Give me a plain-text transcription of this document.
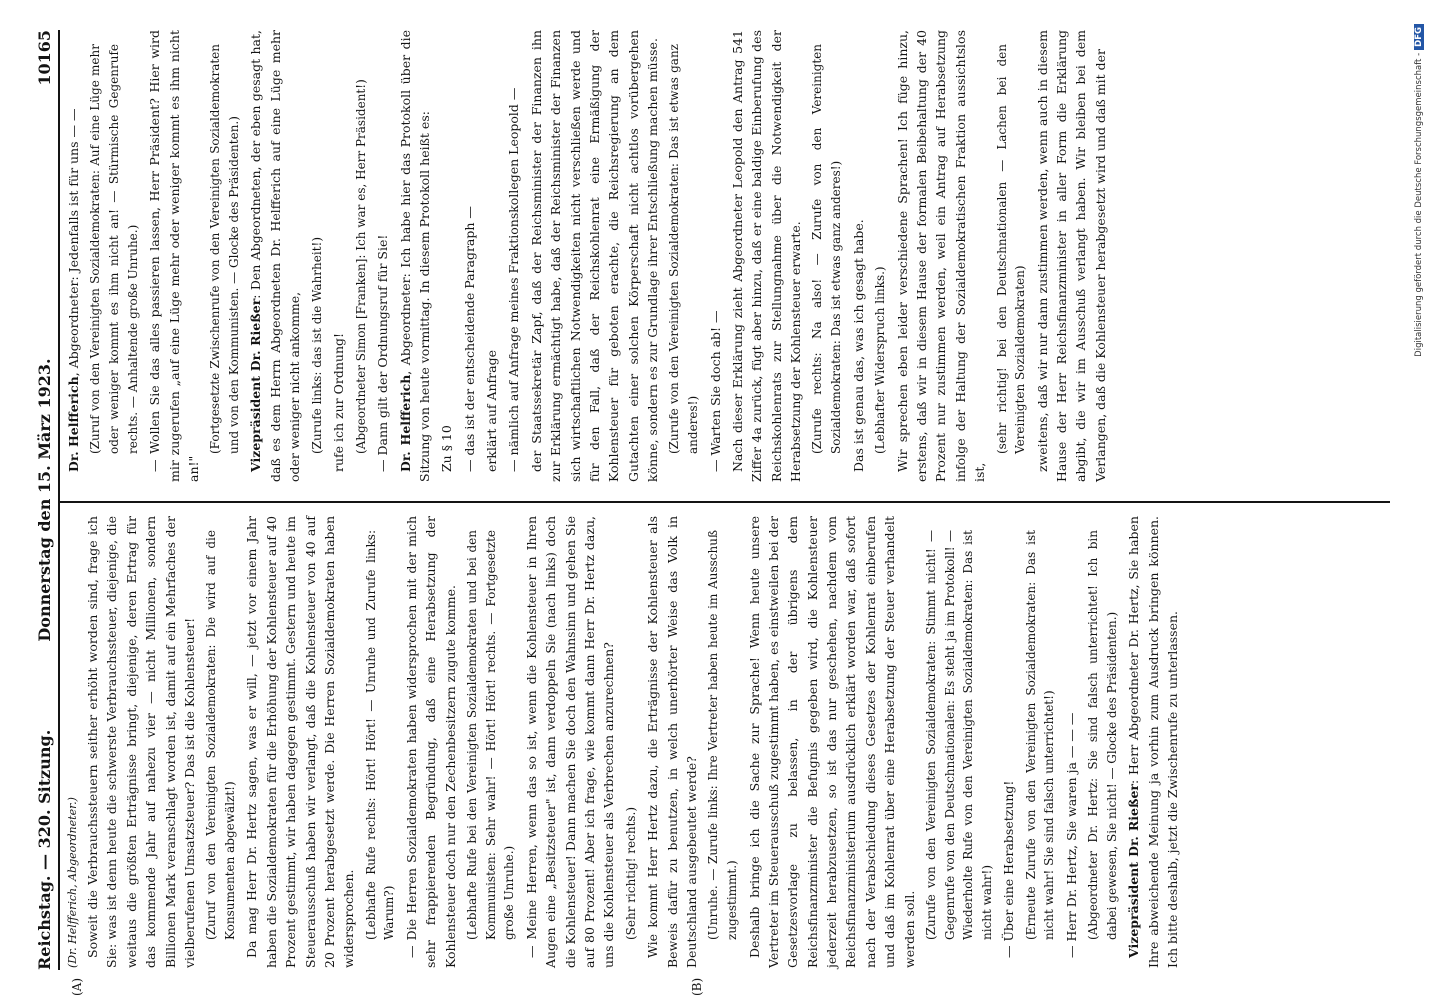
Reichstag. — 320. Sitzung.
Donnerstag den 15. März 1923.
10165
(A)	(B)
(Dr. Helfferich, Abgeordneter.) Soweit die Verbrauchssteuern seither erhöht worden sind, frage ich Sie: was ist denn heute die schwerste Verbrauchssteuer, diejenige, die weitaus die größten Erträgnisse bringt, diejenige, deren Ertrag für das kommende Jahr auf nahezu vier — nicht Millionen, sondern Billionen Mark veranschlagt worden ist, damit auf ein Mehrfaches der vielberufenen Umsatzsteuer? Das ist die Kohlensteuer! (Zuruf von den Vereinigten Sozialdemokraten: Die wird auf die Konsumenten abgewälzt!) Da mag Herr Dr. Hertz sagen, was er will, — jetzt vor einem Jahr haben die Sozialdemokraten für die Erhöhung der Kohlensteuer auf 40 Prozent gestimmt, wir haben dagegen gestimmt. Gestern und heute im Steuerausschuß haben wir verlangt, daß die Kohlensteuer von 40 auf 20 Prozent herabgesetzt werde. Die Herren Sozialdemokraten haben widersprochen. (Lebhafte Rufe rechts: Hört! Hört! — Unruhe und Zurufe links: Warum?) — Die Herren Sozialdemokraten haben widersprochen mit der mich sehr frappierenden Begründung, daß eine Herabsetzung der Kohlensteuer doch nur den Zechenbesitzern zugute komme. (Lebhafte Rufe bei den Vereinigten Sozialdemokraten und bei den Kommunisten: Sehr wahr! — Hört! Hört! rechts. — Fortgesetzte große Unruhe.) — Meine Herren, wenn das so ist, wenn die Kohlensteuer in Ihren Augen eine „Besitzsteuer" ist, dann verdoppeln Sie (nach links) doch die Kohlensteuer! Dann machen Sie doch den Wahnsinn und gehen Sie auf 80 Prozent! Aber ich frage, wie kommt dann Herr Dr. Hertz dazu, uns die Kohlensteuer als Verbrechen anzurechnen? (Sehr richtig! rechts.) Wie kommt Herr Hertz dazu, die Erträgnisse der Kohlensteuer als Beweis dafür zu benutzen, in welch unerhörter Weise das Volk in Deutschland ausgebeutet werde? (Unruhe. — Zurufe links: Ihre Vertreter haben heute im Ausschuß zugestimmt.) Deshalb bringe ich die Sache zur Sprache! Wenn heute unsere Vertreter im Steuerausschuß zugestimmt haben, es einstweilen bei der Gesetzesvorlage zu belassen, in der übrigens dem Reichsfinanzminister die Befugnis gegeben wird, die Kohlensteuer jederzeit herabzusetzen, so ist das nur geschehen, nachdem vom Reichsfinanzministerium ausdrücklich erklärt worden war, daß sofort nach der Verabschiedung dieses Gesetzes der Kohlenrat einberufen und daß im Kohlenrat über eine Herabsetzung der Steuer verhandelt werden soll. (Zurufe von den Vereinigten Sozialdemokraten: Stimmt nicht! — Gegenrufe von den Deutschnationalen: Es steht ja im Protokoll! — Wiederholte Rufe von den Vereinigten Sozialdemokraten: Das ist nicht wahr!) — Über eine Herabsetzung! (Erneute Zurufe von den Vereinigten Sozialdemokraten: Das ist nicht wahr! Sie sind falsch unterrichtet!) — Herr Dr. Hertz, Sie waren ja — — — (Abgeordneter Dr. Hertz: Sie sind falsch unterrichtet! Ich bin dabei gewesen, Sie nicht! — Glocke des Präsidenten.) Vizepräsident Dr. Rießer: Herr Abgeordneter Dr. Hertz, Sie haben Ihre abweichende Meinung ja vorhin zum Ausdruck bringen können. Ich bitte deshalb, jetzt die Zwischenrufe zu unterlassen.

Dr. Helfferich, Abgeordneter: Jedenfalls ist für uns — — (Zuruf von den Vereinigten Sozialdemokraten: Auf eine Lüge mehr oder weniger kommt es ihm nicht an! — Stürmische Gegenrufe rechts. — Anhaltende große Unruhe.) — Wollen Sie das alles passieren lassen, Herr Präsident? Hier wird mir zugerufen „auf eine Lüge mehr oder weniger kommt es ihm nicht an!"

(Fortgesetzte Zwischenrufe von den Vereinigten Sozialdemokraten und von den Kommunisten. — Glocke des Präsidenten.) Vizepräsident Dr. Rießer: Den Abgeordneten, der eben gesagt hat, daß es dem Herrn Abgeordneten Dr. Helfferich auf eine Lüge mehr oder weniger nicht ankomme, (Zurufe links: das ist die Wahrheit!) rufe ich zur Ordnung! (Abgeordneter Simon [Franken]: Ich war es, Herr Präsident!) — Dann gilt der Ordnungsruf für Sie! Dr. Helfferich, Abgeordneter: Ich habe hier das Protokoll über die Sitzung von heute vormittag. In diesem Protokoll heißt es: Zu § 10 — das ist der entscheidende Paragraph — erklärt auf Anfrage — nämlich auf Anfrage meines Fraktionskollegen Leopold — der Staatssekretär Zapf, daß der Reichsminister der Finanzen ihn zur Erklärung ermächtigt habe, daß der Reichsminister der Finanzen sich wirtschaftlichen Notwendigkeiten nicht verschließen werde und für den Fall, daß der Reichskohlenrat eine Ermäßigung der Kohlensteuer für geboten erachte, die Reichsregierung an dem Gutachten einer solchen Körperschaft nicht achtlos vorübergehen könne, sondern es zur Grundlage ihrer Entschließung machen müsse. (Zurufe von den Vereinigten Sozialdemokraten: Das ist etwas ganz anderes!) — Warten Sie doch ab! — Nach dieser Erklärung zieht Abgeordneter Leopold den Antrag 541 Ziffer 4a zurück, fügt aber hinzu, daß er eine baldige Einberufung des Reichskohlenrats zur Stellungnahme über die Notwendigkeit der Herabsetzung der Kohlensteuer erwarte. (Zurufe rechts: Na also! — Zurufe von den Vereinigten Sozialdemokraten: Das ist etwas ganz anderes!) Das ist genau das, was ich gesagt habe. (Lebhafter Widerspruch links.) Wir sprechen eben leider verschiedene Sprachen! Ich füge hinzu, erstens, daß wir in diesem Hause der formalen Beibehaltung der 40 Prozent nur zustimmen werden, weil ein Antrag auf Herabsetzung infolge der Haltung der Sozialdemokratischen Fraktion aussichtslos ist,

(sehr richtig! bei den Deutschnationalen — Lachen bei den Vereinigten Sozialdemokraten) zweitens, daß wir nur dann zustimmen werden, wenn auch in diesem Hause der Herr Reichsfinanzminister in aller Form die Erklärung abgibt, die wir im Ausschuß verlangt haben. Wir bleiben bei dem Verlangen, daß die Kohlensteuer herabgesetzt wird und daß mit der	Digitalisierung gefördert durch die Deutsche Forschungsgemeinschaft -DFG
